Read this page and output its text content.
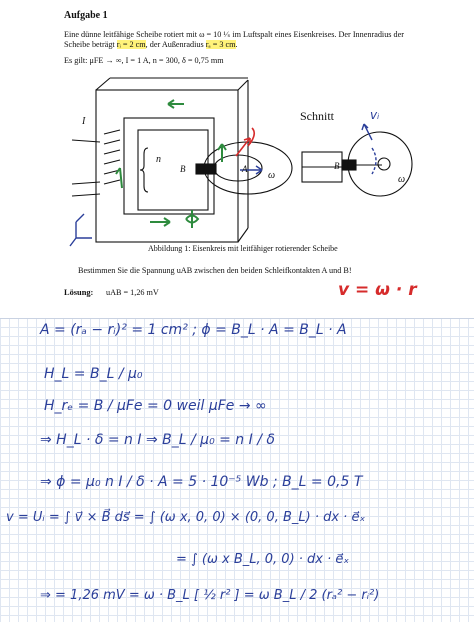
Aufgabe 1
Eine dünne leitfähige Scheibe rotiert mit ω = 10 ¹⁄ₛ im Luftspalt eines Eisenkreises. Der Innenradius der
Scheibe beträgt rᵢ = 2 cm, der Außenradius rₐ = 3 cm.
Es gilt: μFE → ∞, I = 1 A, n = 300, δ = 0,75 mm
I
n
B	A
ω
Schnitt
B
ω
Abbildung 1: Eisenkreis mit leitfähiger rotierender Scheibe
Bestimmen Sie die Spannung uAB zwischen den beiden Schleifkontakten A und B!
Lösung: uAB = 1,26 mV	v = ω · r
vᵢ
A = (rₐ − rᵢ)² = 1 cm² ; ϕ = B_L · A = B_L · A
H_L = B_L / μ₀
H_rₑ = B / μFe = 0 weil μFe → ∞
⇒ H_L · δ = n I ⇒ B_L / μ₀ = n I / δ
⇒ ϕ = μ₀ n I / δ · A = 5 · 10⁻⁵ Wb ; B_L = 0,5 T
v = Uᵢ = ∫ v⃗ × B⃗ ds⃗ = ∫ (ω x, 0, 0) × (0, 0, B_L) · dx · e⃗ₓ
= ∫ (ω x B_L, 0, 0) · dx · e⃗ₓ
⇒ = 1,26 mV = ω · B_L [ ½ r² ] = ω B_L / 2 (rₐ² − rᵢ²)
